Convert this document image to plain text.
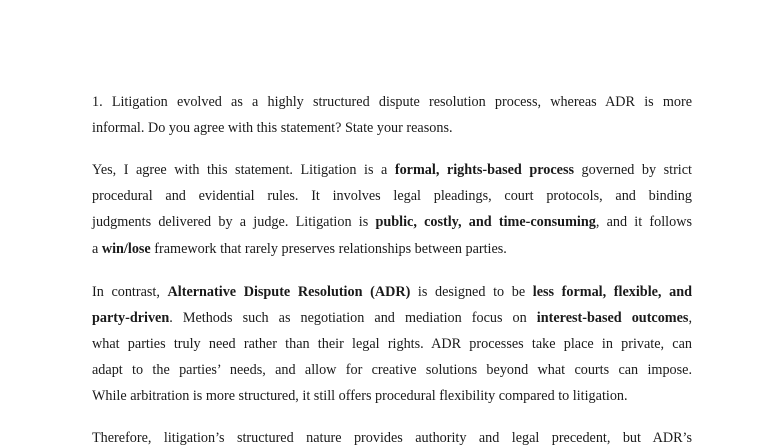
1. Litigation evolved as a highly structured dispute resolution process, whereas ADR is more
informal. Do you agree with this statement? State your reasons.
Yes, I agree with this statement. Litigation is a formal, rights-based process governed by strict
procedural and evidential rules. It involves legal pleadings, court protocols, and binding
judgments delivered by a judge. Litigation is public, costly, and time-consuming, and it follows
a win/lose framework that rarely preserves relationships between parties.
In contrast, Alternative Dispute Resolution (ADR) is designed to be less formal, flexible, and
party-driven. Methods such as negotiation and mediation focus on interest-based outcomes,
what parties truly need rather than their legal rights. ADR processes take place in private, can
adapt to the parties’ needs, and allow for creative solutions beyond what courts can impose.
While arbitration is more structured, it still offers procedural flexibility compared to litigation.
Therefore, litigation’s structured nature provides authority and legal precedent, but ADR’s
